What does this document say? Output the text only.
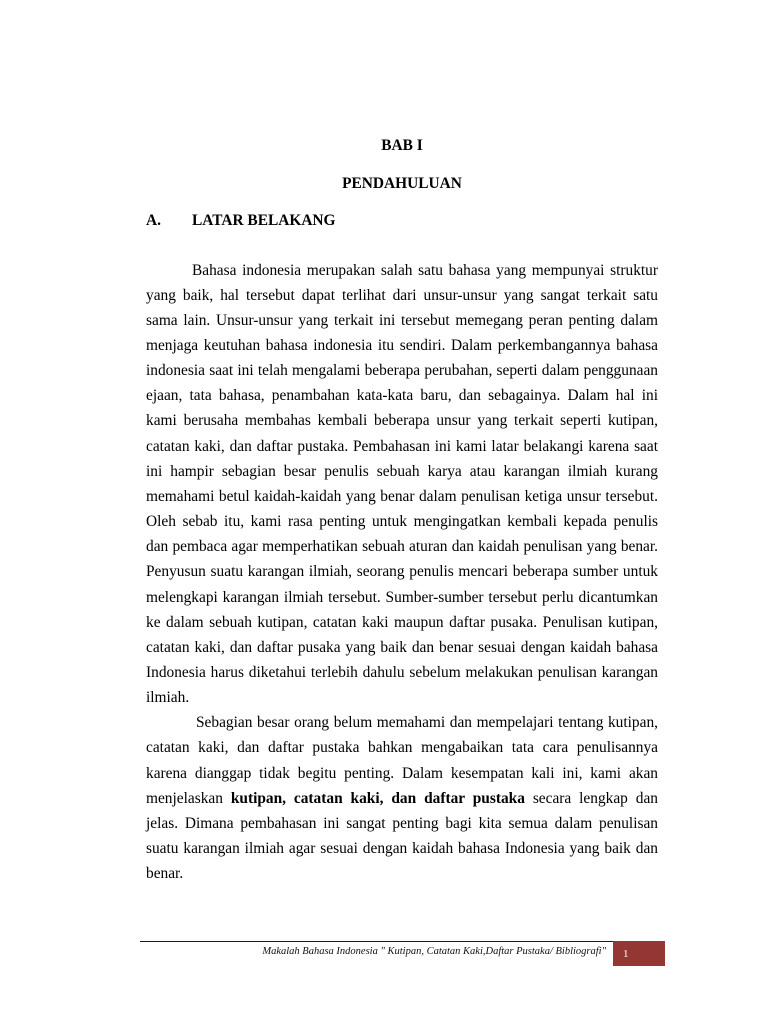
BAB I
PENDAHULUAN
A. LATAR BELAKANG
Bahasa indonesia merupakan salah satu bahasa yang mempunyai struktur
yang baik, hal tersebut dapat terlihat dari unsur-unsur yang sangat terkait satu
sama lain. Unsur-unsur yang terkait ini tersebut memegang peran penting dalam
menjaga keutuhan bahasa indonesia itu sendiri. Dalam perkembangannya bahasa
indonesia saat ini telah mengalami beberapa perubahan, seperti dalam penggunaan
ejaan, tata bahasa, penambahan kata-kata baru, dan sebagainya. Dalam hal ini
kami berusaha membahas kembali beberapa unsur yang terkait seperti kutipan,
catatan kaki, dan daftar pustaka. Pembahasan ini kami latar belakangi karena saat
ini hampir sebagian besar penulis sebuah karya atau karangan ilmiah kurang
memahami betul kaidah-kaidah yang benar dalam penulisan ketiga unsur tersebut.
Oleh sebab itu, kami rasa penting untuk mengingatkan kembali kepada penulis
dan pembaca agar memperhatikan sebuah aturan dan kaidah penulisan yang benar.
Penyusun suatu karangan ilmiah, seorang penulis mencari beberapa sumber untuk
melengkapi karangan ilmiah tersebut. Sumber-sumber tersebut perlu dicantumkan
ke dalam sebuah kutipan, catatan kaki maupun daftar pusaka. Penulisan kutipan,
catatan kaki, dan daftar pusaka yang baik dan benar sesuai dengan kaidah bahasa
Indonesia harus diketahui terlebih dahulu sebelum melakukan penulisan karangan
ilmiah.
Sebagian besar orang belum memahami dan mempelajari tentang kutipan,
catatan kaki, dan daftar pustaka bahkan mengabaikan tata cara penulisannya
karena dianggap tidak begitu penting. Dalam kesempatan kali ini, kami akan
menjelaskan kutipan, catatan kaki, dan daftar pustaka secara lengkap dan
jelas. Dimana pembahasan ini sangat penting bagi kita semua dalam penulisan
suatu karangan ilmiah agar sesuai dengan kaidah bahasa Indonesia yang baik dan
benar.
Makalah Bahasa Indonesia " Kutipan, Catatan Kaki,Daftar Pustaka/ Bibliografi" 1
